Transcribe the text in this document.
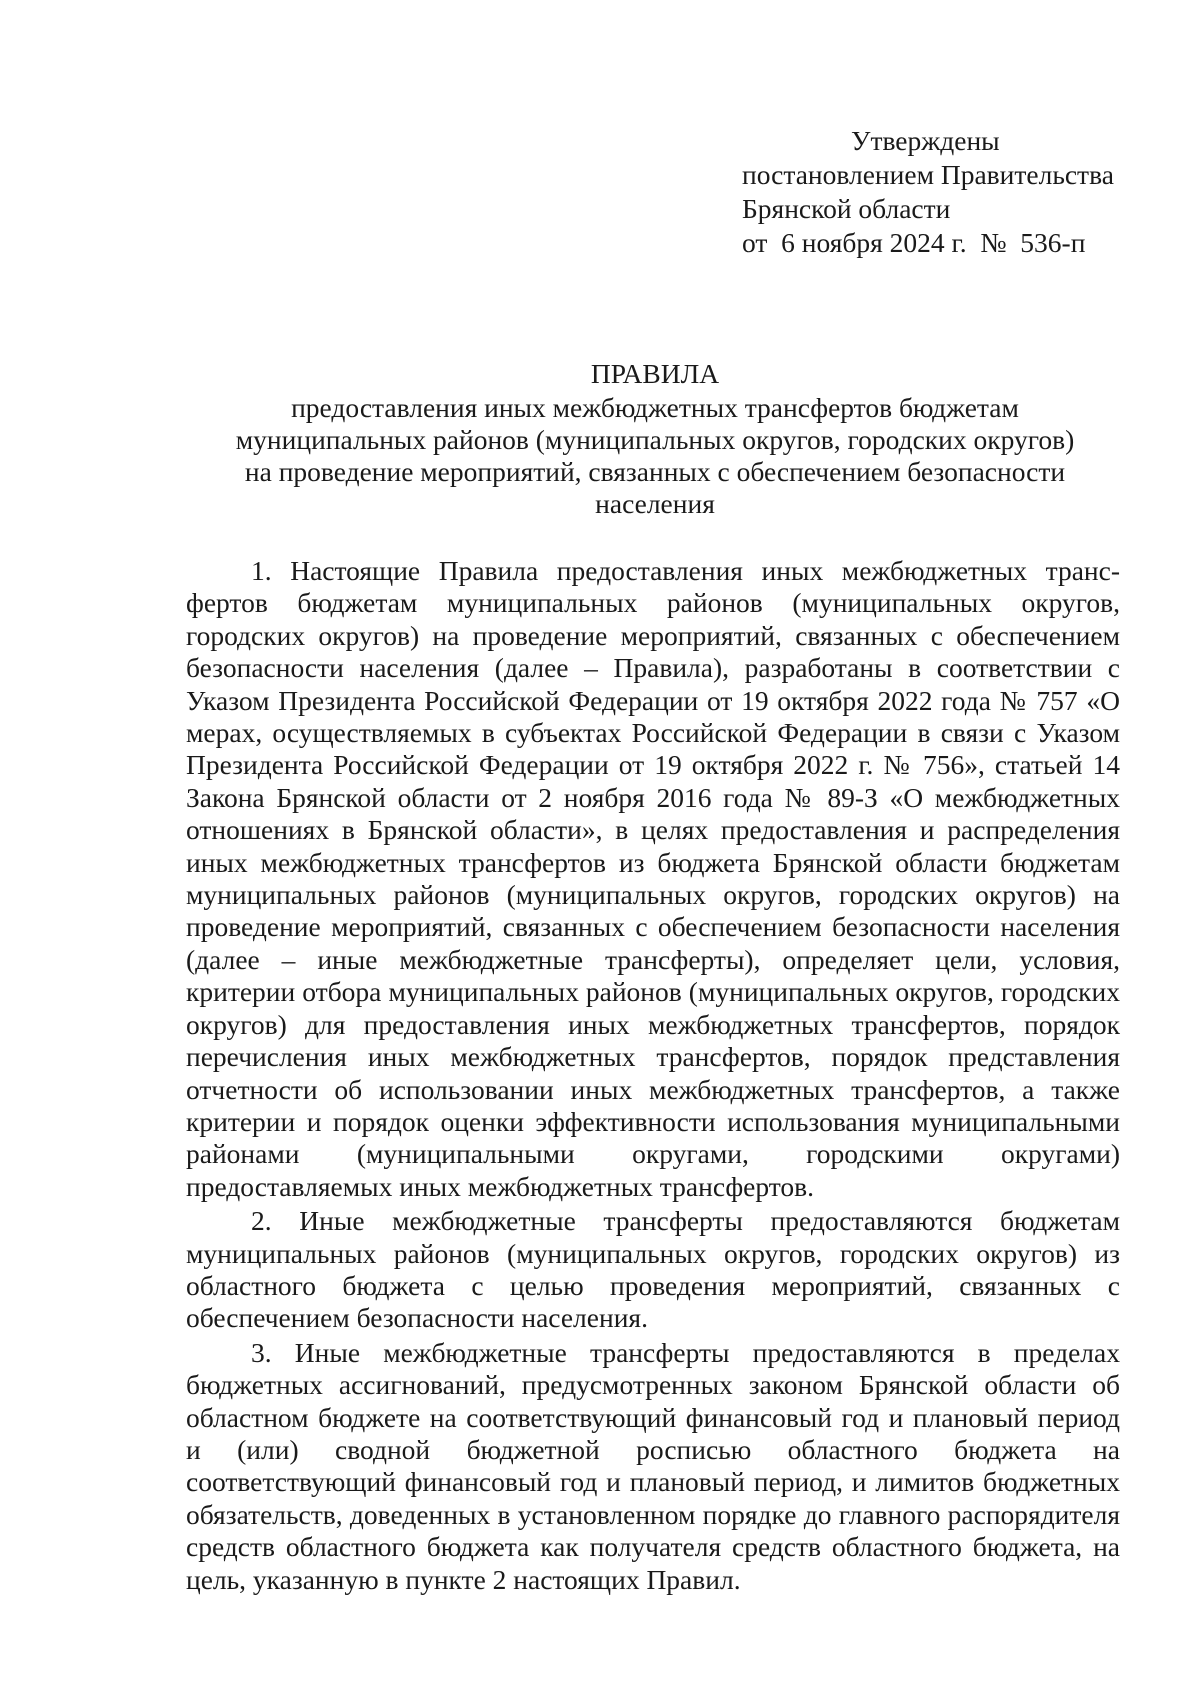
Утверждены
постановлением Правительства
Брянской области
от  6 ноября 2024 г.  №  536-п
ПРАВИЛА
предоставления иных межбюджетных трансфертов бюджетам
муниципальных районов (муниципальных округов, городских округов)
на проведение мероприятий, связанных с обеспечением безопасности
населения

1. Настоящие Правила предоставления иных межбюджетных трансфертов бюджетам муниципальных районов (муниципальных округов, городских округов) на проведение мероприятий, связанных с обеспечением безопасности населения (далее – Правила), разработаны в соответствии с Указом Президента Российской Федерации от 19 октября 2022 года № 757 «О мерах, осуществляемых в субъектах Российской Федерации в связи с Указом Президента Российской Федерации от 19 октября 2022 г. № 756», статьей 14 Закона Брянской области от 2 ноября 2016 года № 89-З «О межбюджетных отношениях в Брянской области», в целях предоставления и распределения иных межбюджетных трансфертов из бюджета Брянской области бюджетам муниципальных районов (муниципальных округов, городских округов) на проведение мероприятий, связанных с обеспечением безопасности населения (далее – иные межбюджетные трансферты), определяет цели, условия, критерии отбора муниципальных районов (муниципальных округов, городских округов) для предоставления иных межбюджетных трансфертов, порядок перечисления иных межбюджетных трансфертов, порядок представления отчетности об использовании иных межбюджетных трансфертов, а также критерии и порядок оценки эффективности использования муниципальными районами (муниципальными округами, городскими округами) предоставляемых иных межбюджетных трансфертов.

2. Иные межбюджетные трансферты предоставляются бюджетам муниципальных районов (муниципальных округов, городских округов) из областного бюджета с целью проведения мероприятий, связанных с обеспечением безопасности населения.

3. Иные межбюджетные трансферты предоставляются в пределах бюджетных ассигнований, предусмотренных законом Брянской области об областном бюджете на соответствующий финансовый год и плановый период и (или) сводной бюджетной росписью областного бюджета на соответствующий финансовый год и плановый период, и лимитов бюджетных обязательств, доведенных в установленном порядке до главного распорядителя средств областного бюджета как получателя средств областного бюджета, на цель, указанную в пункте 2 настоящих Правил.
